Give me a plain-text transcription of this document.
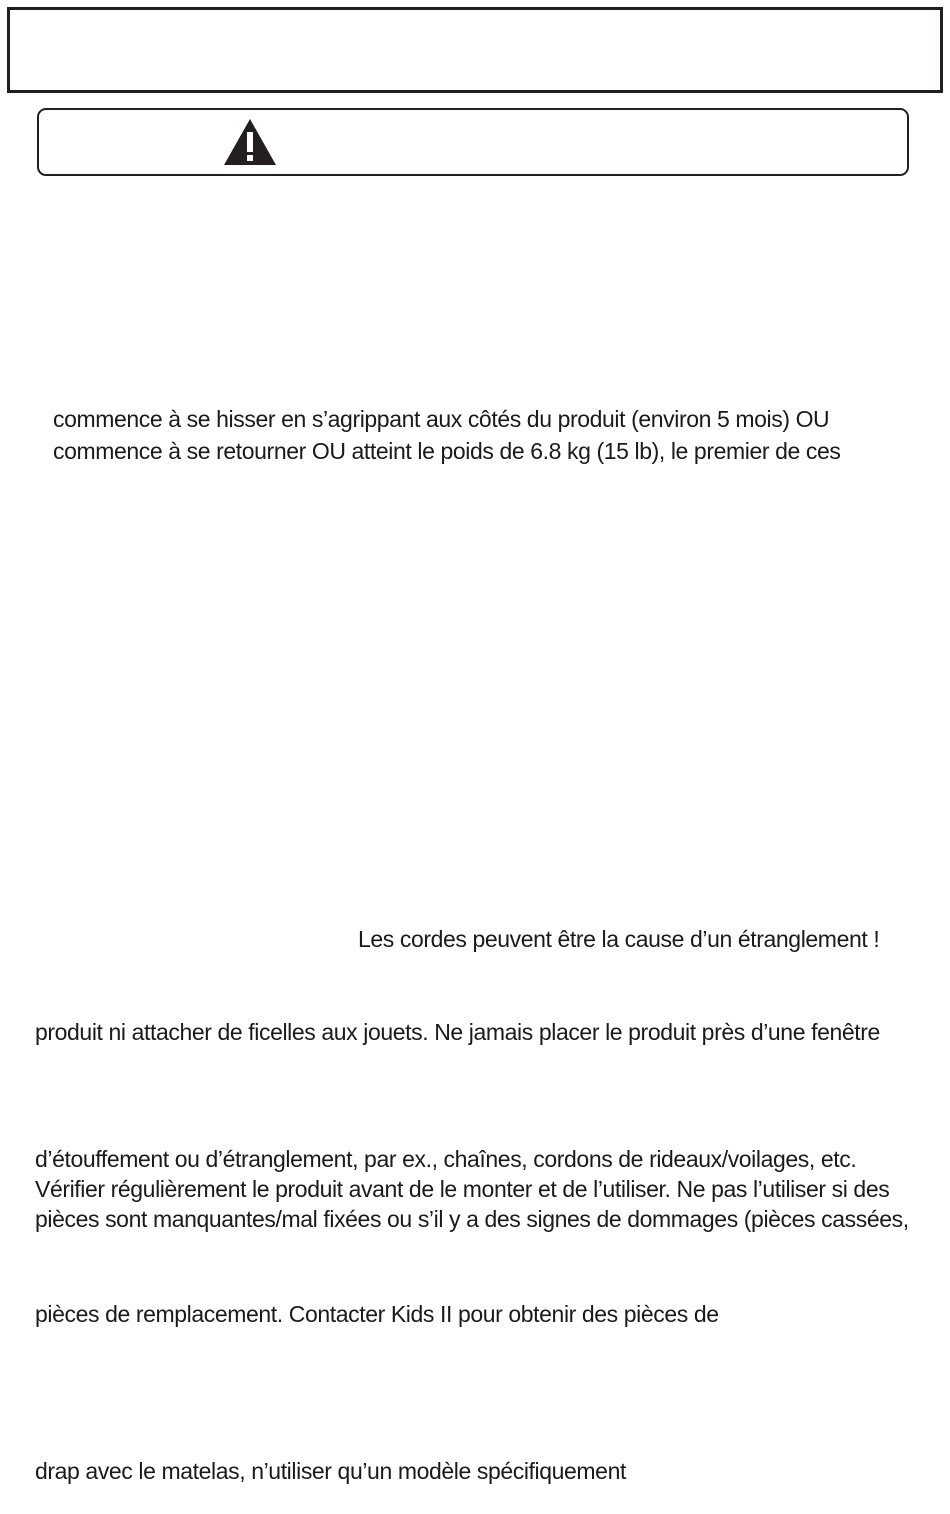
commence à se hisser en s’agrippant aux côtés du produit (environ 5 mois) OU
commence à se retourner OU atteint le poids de 6.8 kg (15 lb), le premier de ces
Les cordes peuvent être la cause d’un étranglement !
produit ni attacher de ficelles aux jouets. Ne jamais placer le produit près d’une fenêtre
d’étouffement ou d’étranglement, par ex., chaînes, cordons de rideaux/voilages, etc.
Vérifier régulièrement le produit avant de le monter et de l’utiliser. Ne pas l’utiliser si des
pièces sont manquantes/mal fixées ou s’il y a des signes de dommages (pièces cassées,
pièces de remplacement. Contacter Kids II pour obtenir des pièces de
drap avec le matelas, n’utiliser qu’un modèle spécifiquement
